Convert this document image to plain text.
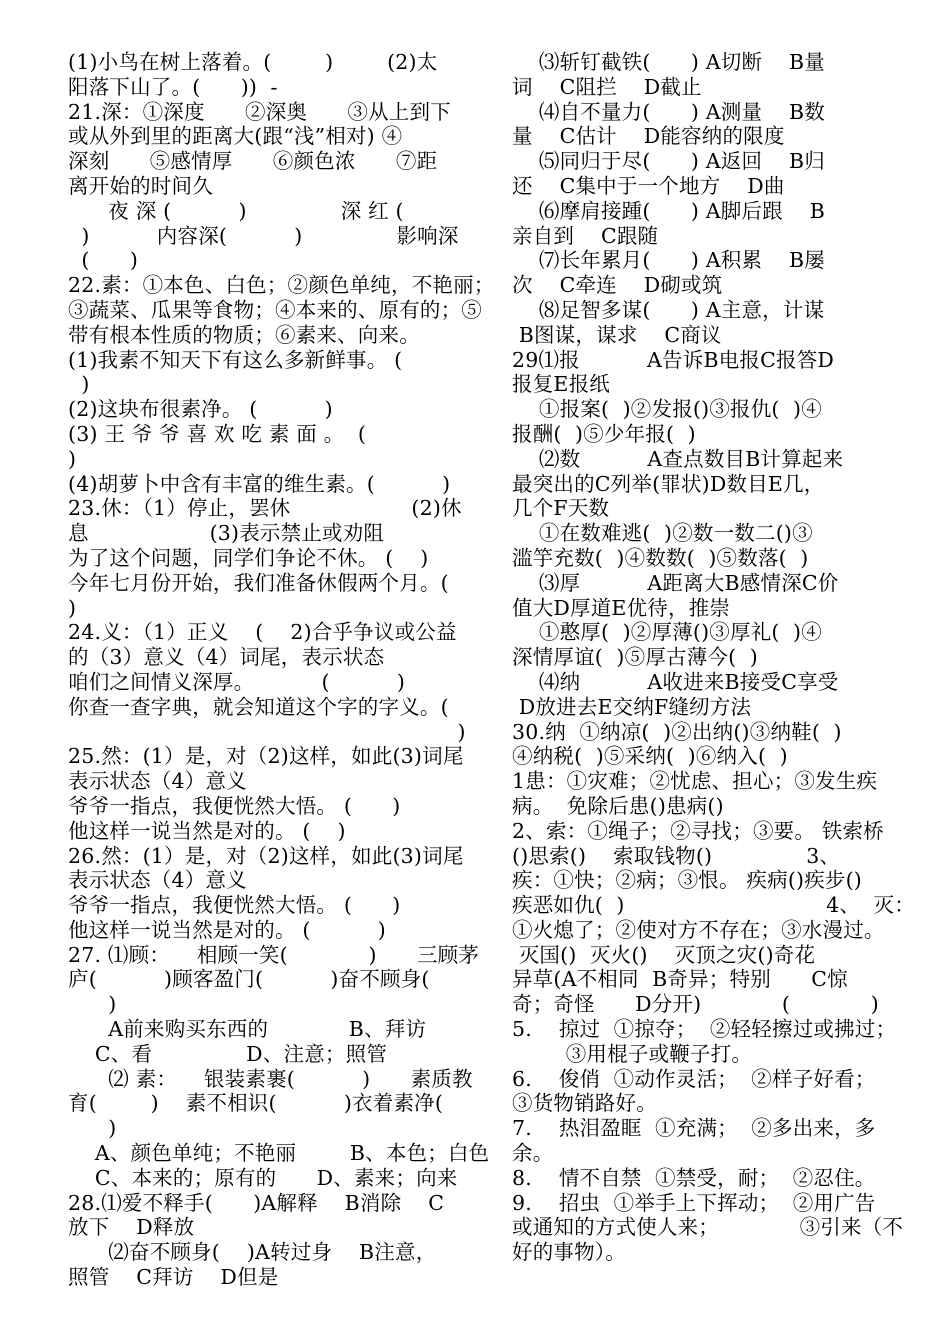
(1)小鸟在树上落着。(        )        (2)太
阳落下山了。(      ))  -
21.深：①深度      ②深奥      ③从上到下
或从外到里的距离大(跟“浅”相对) ④
深刻      ⑤感情厚      ⑥颜色浓      ⑦距
离开始的时间久
夜 深 (          )              深 红 (
)          内容深(          )              影响深
(      )
22.素：①本色、白色；②颜色单纯，不艳丽；
③蔬菜、瓜果等食物；④本来的、原有的；⑤
带有根本性质的物质；⑥素来、向来。
(1)我素不知天下有这么多新鲜事。 (
)
(2)这块布很素净。 (          )
(3) 王 爷 爷 喜 欢 吃 素 面 。  (
)
(4)胡萝卜中含有丰富的维生素。(          )
23.休：（1）停止，罢休                  (2)休
息                  (3)表示禁止或劝阻
为了这个问题，同学们争论不休。 (    )
今年七月份开始，我们准备休假两个月。(
)
24.义：（1）正义    (    2)合乎争议或公益
的（3）意义（4）词尾，表示状态
咱们之间情义深厚。          (          )
你查一查字典，就会知道这个字的字义。(
)
25.然：(1）是，对（2)这样，如此(3)词尾
表示状态（4）意义
爷爷一指点，我便恍然大悟。 (      )
他这样一说当然是对的。 (    )
26.然：(1）是，对（2)这样，如此(3)词尾
表示状态（4）意义
爷爷一指点，我便恍然大悟。 (      )
他这样一说当然是对的。 (          )
27. ⑴顾：    相顾一笑(            )      三顾茅
庐(          )顾客盈门(          )奋不顾身(
)
A前来购买东西的            B、拜访
C、看              D、注意；照管
⑵ 素：    银装素裹(          )      素质教
育(        )    素不相识(          )衣着素净(
)
A、颜色单纯；不艳丽        B、本色；白色
C、本来的；原有的      D、素来；向来
28.⑴爱不释手(      )A解释    B消除    C
放下    D释放
⑵奋不顾身(    )A转过身    B注意，
照管    C拜访    D但是
⑶斩钉截铁(      ) A切断    B量
词    C阻拦    D截止
⑷自不量力(      ) A测量    B数
量    C估计    D能容纳的限度
⑸同归于尽(      ) A返回    B归
还    C集中于一个地方    D曲
⑹摩肩接踵(      ) A脚后跟    B
亲自到    C跟随
⑺长年累月(      ) A积累    B屡
次    C牵连    D砌或筑
⑻足智多谋(      ) A主意，计谋
B图谋，谋求    C商议
29⑴报          A告诉B电报C报答D
报复E报纸
①报案(  )②发报()③报仇(  )④
报酬(  )⑤少年报(  )
⑵数          A查点数目B计算起来
最突出的C列举(罪状)D数目E几，
几个F天数
①在数难逃(  )②数一数二()③
滥竽充数(  )④数数(  )⑤数落(  )
⑶厚          A距离大B感情深C价
值大D厚道E优待，推崇
①憨厚(  )②厚薄()③厚礼(  )④
深情厚谊(  )⑤厚古薄今(  )
⑷纳          A收进来B接受C享受
D放进去E交纳F缝纫方法
30.纳  ①纳凉(  )②出纳()③纳鞋(  )
④纳税(  )⑤采纳(  )⑥纳入(  )
1患：①灾难；②忧虑、担心；③发生疾
病。  免除后患()患病()
2、索：①绳子；②寻找；③要。 铁索桥
()思索()    索取钱物()              3、
疾：①快；②病；③恨。 疾病()疾步()
疾恶如仇(  )                              4、  灭：
①火熄了；②使对方不存在；③水漫过。
灭国()  灭火()    灭顶之灾()奇花
异草(A不相同  B奇异；特别      C惊
奇；奇怪      D分开)            (            )
5.    掠过  ①掠夺；  ②轻轻擦过或拂过；
③用棍子或鞭子打。
6.    俊俏  ①动作灵活；  ②样子好看；
③货物销路好。
7.    热泪盈眶  ①充满；  ②多出来，多
余。
8.    情不自禁  ①禁受，耐；  ②忍住。
9.    招虫  ①举手上下挥动；  ②用广告
或通知的方式使人来；            ③引来（不
好的事物）。
